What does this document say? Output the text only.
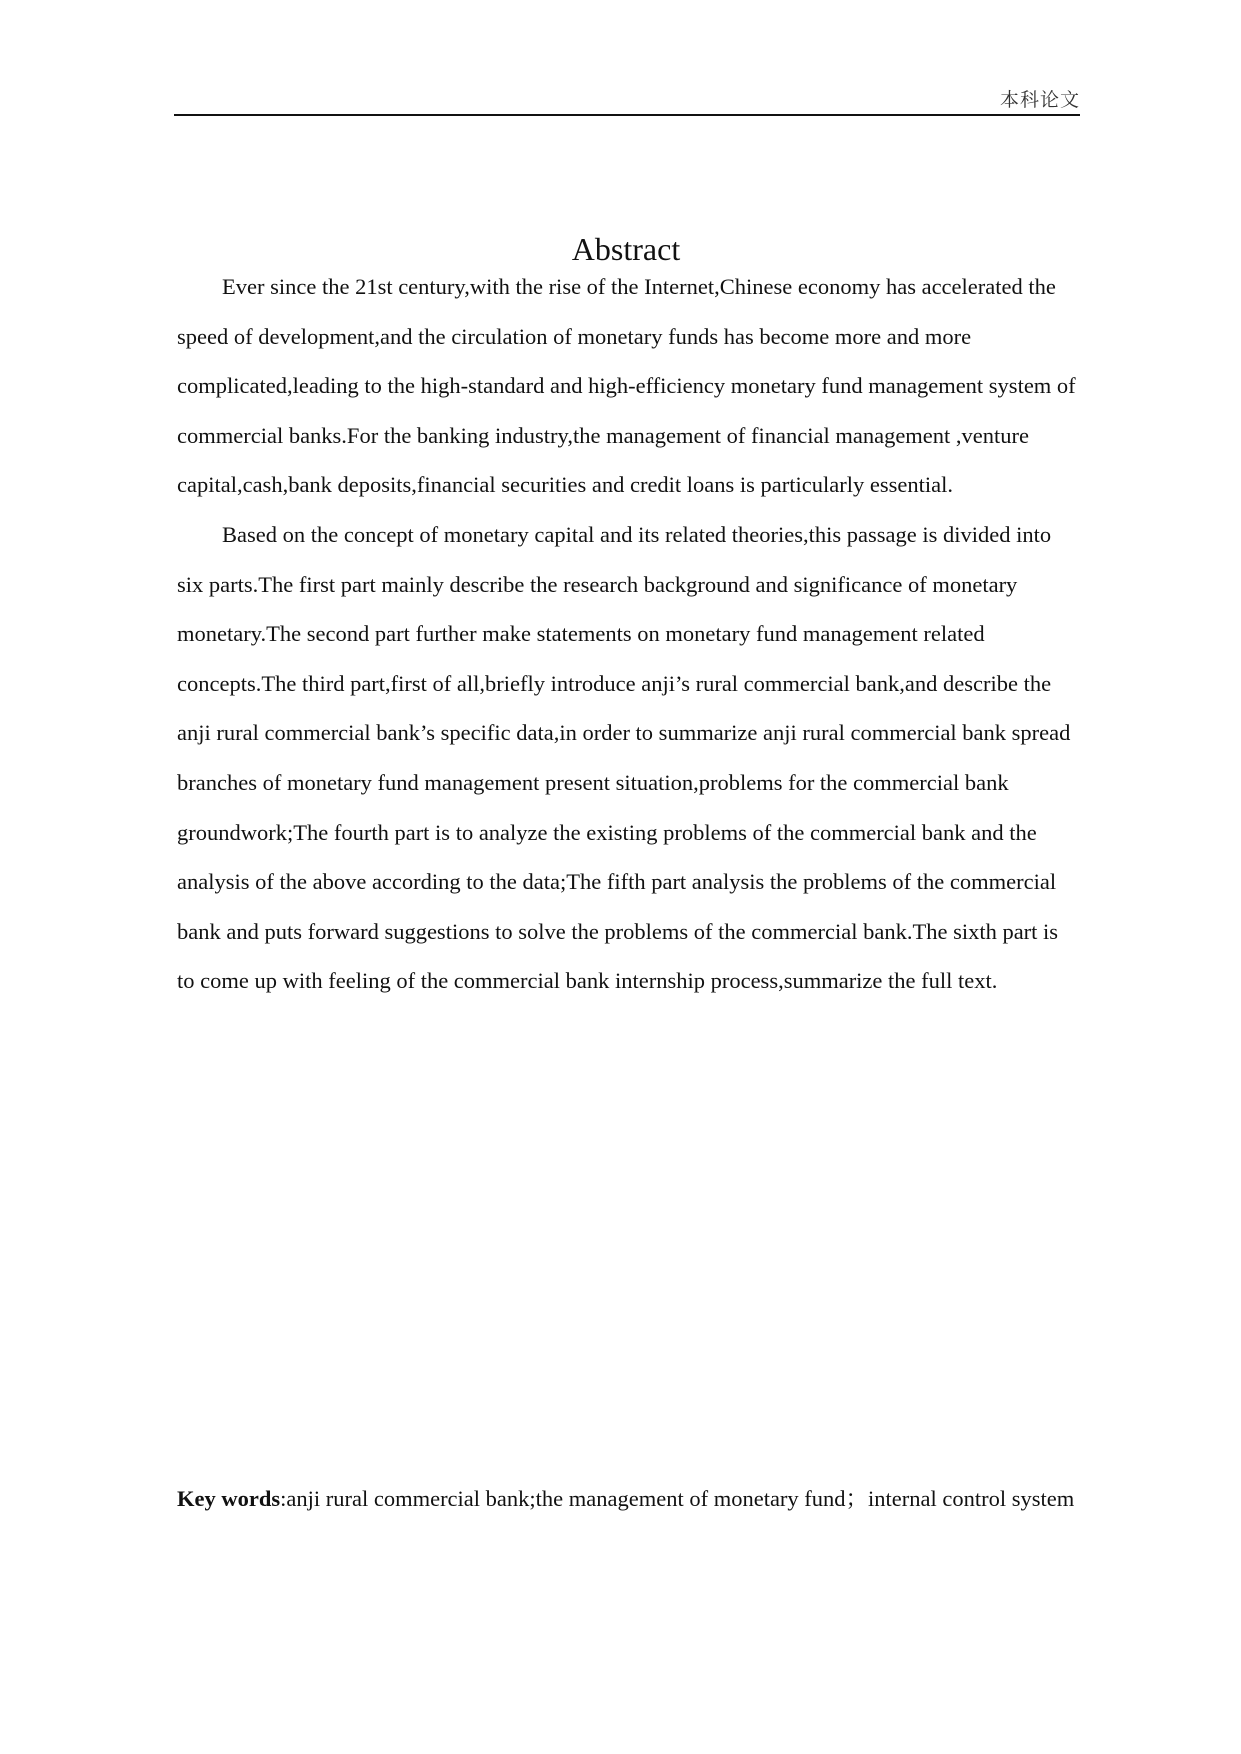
本科论文
Abstract

Ever since the 21st century,with the rise of the Internet,Chinese economy has accelerated the speed of development,and the circulation of monetary funds has become more and more complicated,leading to the high-standard and high-efficiency monetary fund management system of commercial banks.For the banking industry,the management of financial management ,venture capital,cash,bank deposits,financial securities and credit loans is particularly essential.

Based on the concept of monetary capital and its related theories,this passage is divided into six parts.The first part mainly describe the research background and significance of monetary monetary.The second part further make statements on monetary fund management related concepts.The third part,first of all,briefly introduce anji’s rural commercial bank,and describe the anji rural commercial bank’s specific data,in order to summarize anji rural commercial bank spread branches of monetary fund management present situation,problems for the commercial bank groundwork;The fourth part is to analyze the existing problems of the commercial bank and the analysis of the above according to the data;The fifth part analysis the problems of the commercial bank and puts forward suggestions to solve the problems of the commercial bank.The sixth part is to come up with feeling of the commercial bank internship process,summarize the full text.

Key words:anji rural commercial bank;the management of monetary fund；internal control system
